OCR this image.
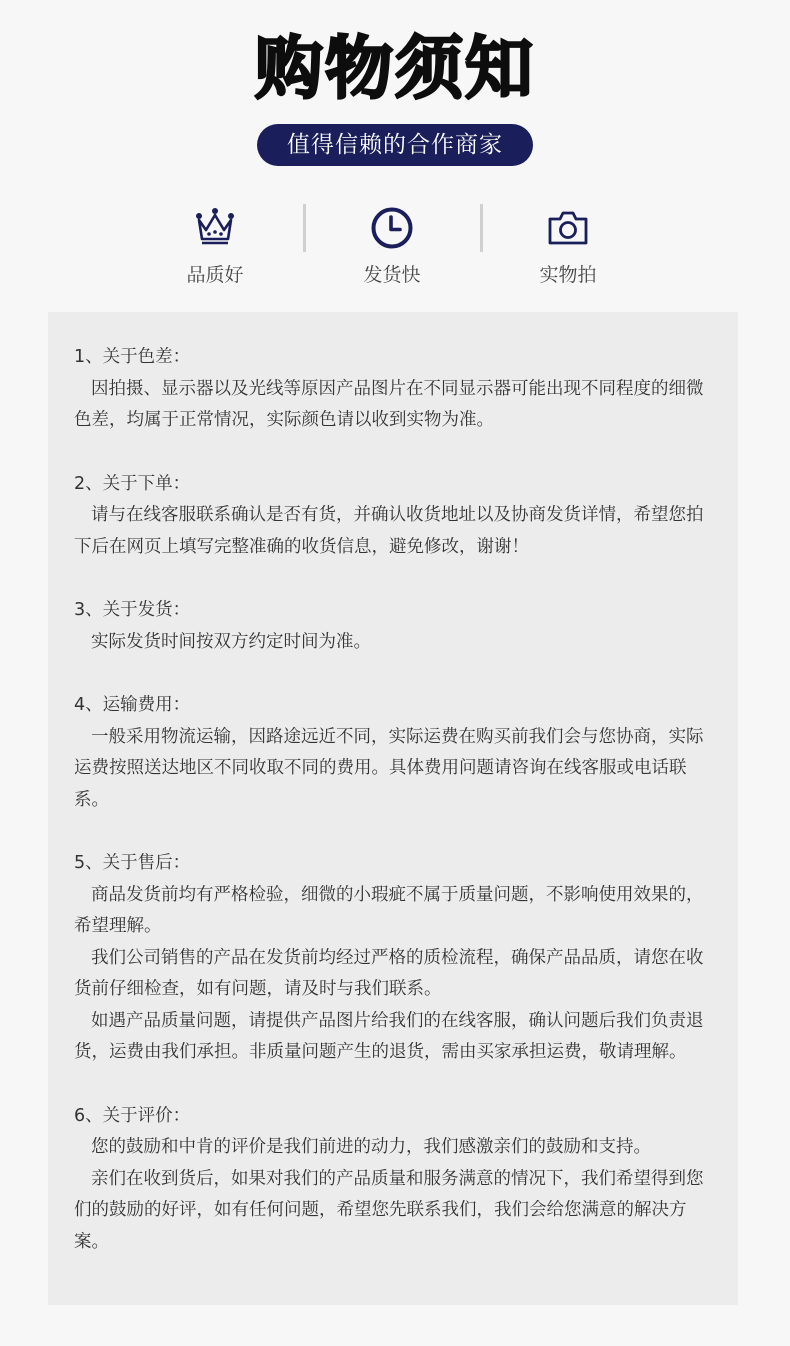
购物须知
值得信赖的合作商家
品质好	发货快	实物拍

1、关于色差：

因拍摄、显示器以及光线等原因产品图片在不同显示器可能出现不同程度的细微色差，均属于正常情况，实际颜色请以收到实物为准。

2、关于下单：

请与在线客服联系确认是否有货，并确认收货地址以及协商发货详情，希望您拍下后在网页上填写完整准确的收货信息，避免修改，谢谢！

3、关于发货：

实际发货时间按双方约定时间为准。

4、运输费用：

一般采用物流运输，因路途远近不同，实际运费在购买前我们会与您协商，实际运费按照送达地区不同收取不同的费用。具体费用问题请咨询在线客服或电话联系。

5、关于售后：

商品发货前均有严格检验，细微的小瑕疵不属于质量问题，不影响使用效果的，希望理解。

我们公司销售的产品在发货前均经过严格的质检流程，确保产品品质，请您在收货前仔细检查，如有问题，请及时与我们联系。

如遇产品质量问题，请提供产品图片给我们的在线客服，确认问题后我们负责退货，运费由我们承担。非质量问题产生的退货，需由买家承担运费，敬请理解。

6、关于评价：

您的鼓励和中肯的评价是我们前进的动力，我们感激亲们的鼓励和支持。

亲们在收到货后，如果对我们的产品质量和服务满意的情况下，我们希望得到您们的鼓励的好评，如有任何问题，希望您先联系我们，我们会给您满意的解决方案。
